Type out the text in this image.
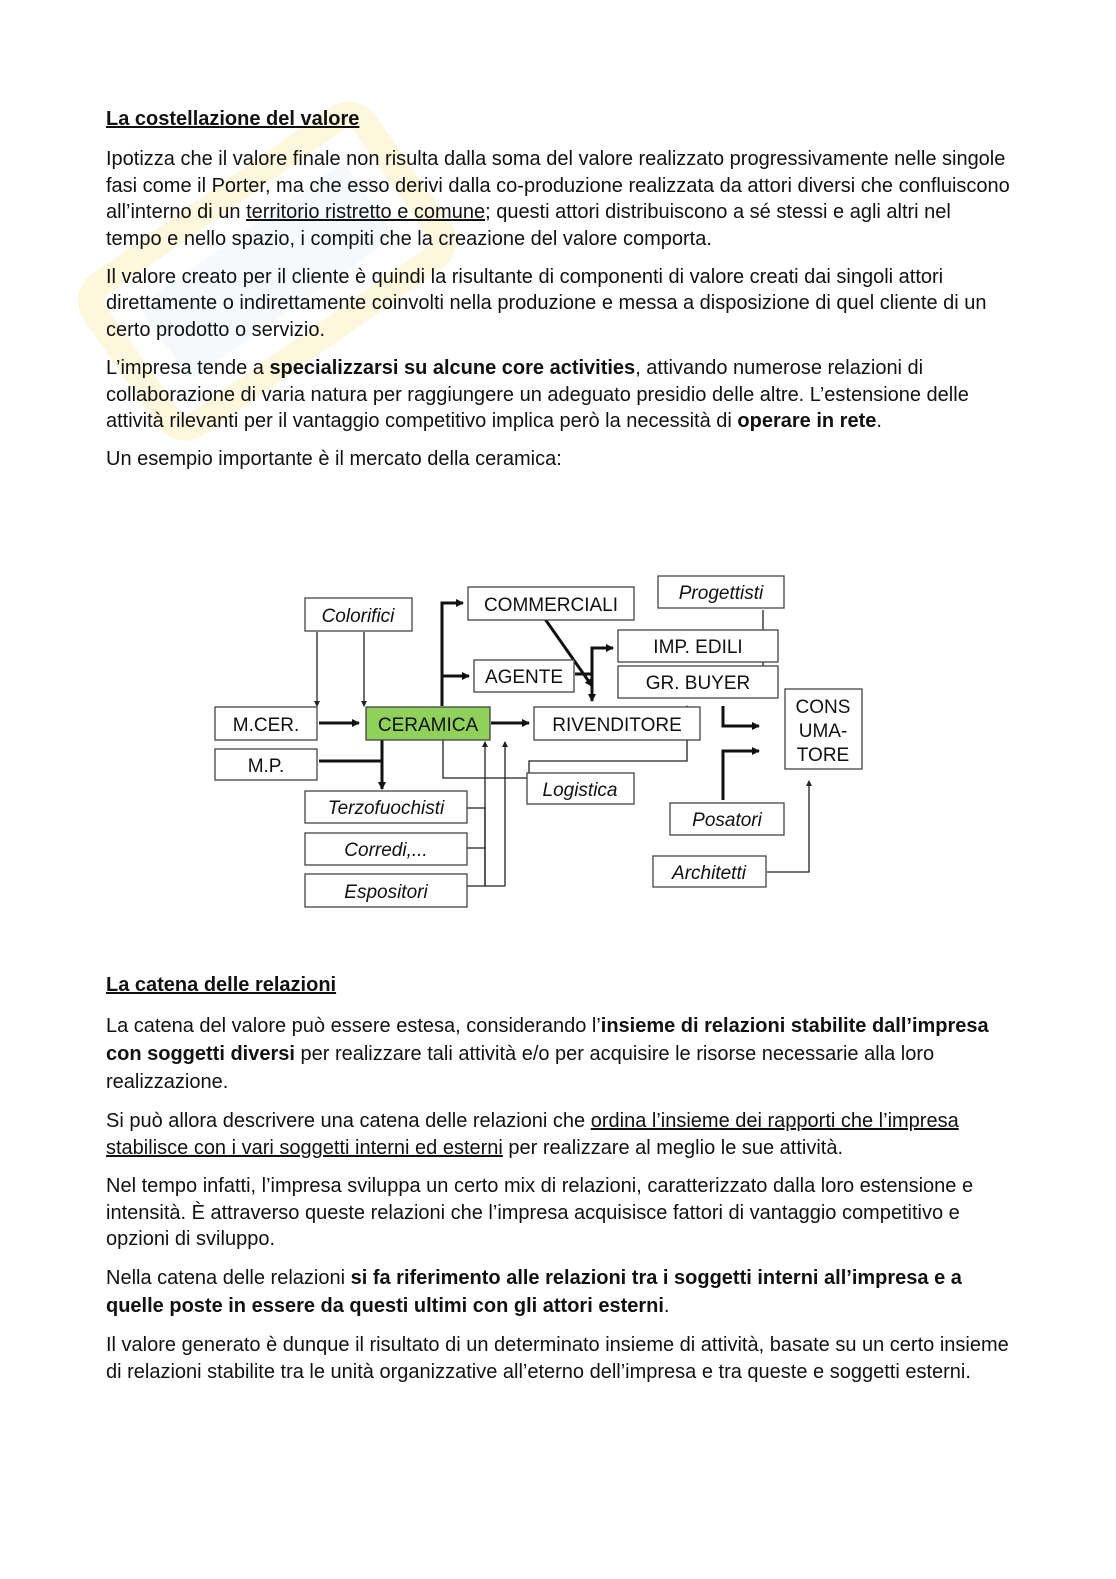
La costellazione del valore

Ipotizza che il valore finale non risulta dalla soma del valore realizzato progressivamente nelle singole fasi come il Porter, ma che esso derivi dalla co-produzione realizzata da attori diversi che confluiscono all’interno di un territorio ristretto e comune; questi attori distribuiscono a sé stessi e agli altri nel tempo e nello spazio, i compiti che la creazione del valore comporta.

Il valore creato per il cliente è quindi la risultante di componenti di valore creati dai singoli attori direttamente o indirettamente coinvolti nella produzione e messa a disposizione di quel cliente di un certo prodotto o servizio.

L’impresa tende a specializzarsi su alcune core activities, attivando numerose relazioni di collaborazione di varia natura per raggiungere un adeguato presidio delle altre. L’estensione delle attività rilevanti per il vantaggio competitivo implica però la necessità di operare in rete.

Un esempio importante è il mercato della ceramica:

Colorifici
COMMERCIALI
Progettisti
IMP. EDILI
AGENTE	GR. BUYER
M.CER.	CERAMICA	RIVENDITORE
CONS
UMA-
TORE
M.P.
Terzofuochisti
Logistica
Posatori
Corredi,...
Architetti
Espositori

La catena delle relazioni

La catena del valore può essere estesa, considerando l’insieme di relazioni stabilite dall’impresa con soggetti diversi per realizzare tali attività e/o per acquisire le risorse necessarie alla loro realizzazione.

Si può allora descrivere una catena delle relazioni che ordina l’insieme dei rapporti che l’impresa stabilisce con i vari soggetti interni ed esterni per realizzare al meglio le sue attività.

Nel tempo infatti, l’impresa sviluppa un certo mix di relazioni, caratterizzato dalla loro estensione e intensità. È attraverso queste relazioni che l’impresa acquisisce fattori di vantaggio competitivo e opzioni di sviluppo.

Nella catena delle relazioni si fa riferimento alle relazioni tra i soggetti interni all’impresa e a quelle poste in essere da questi ultimi con gli attori esterni.

Il valore generato è dunque il risultato di un determinato insieme di attività, basate su un certo insieme di relazioni stabilite tra le unità organizzative all’eterno dell’impresa e tra queste e soggetti esterni.
